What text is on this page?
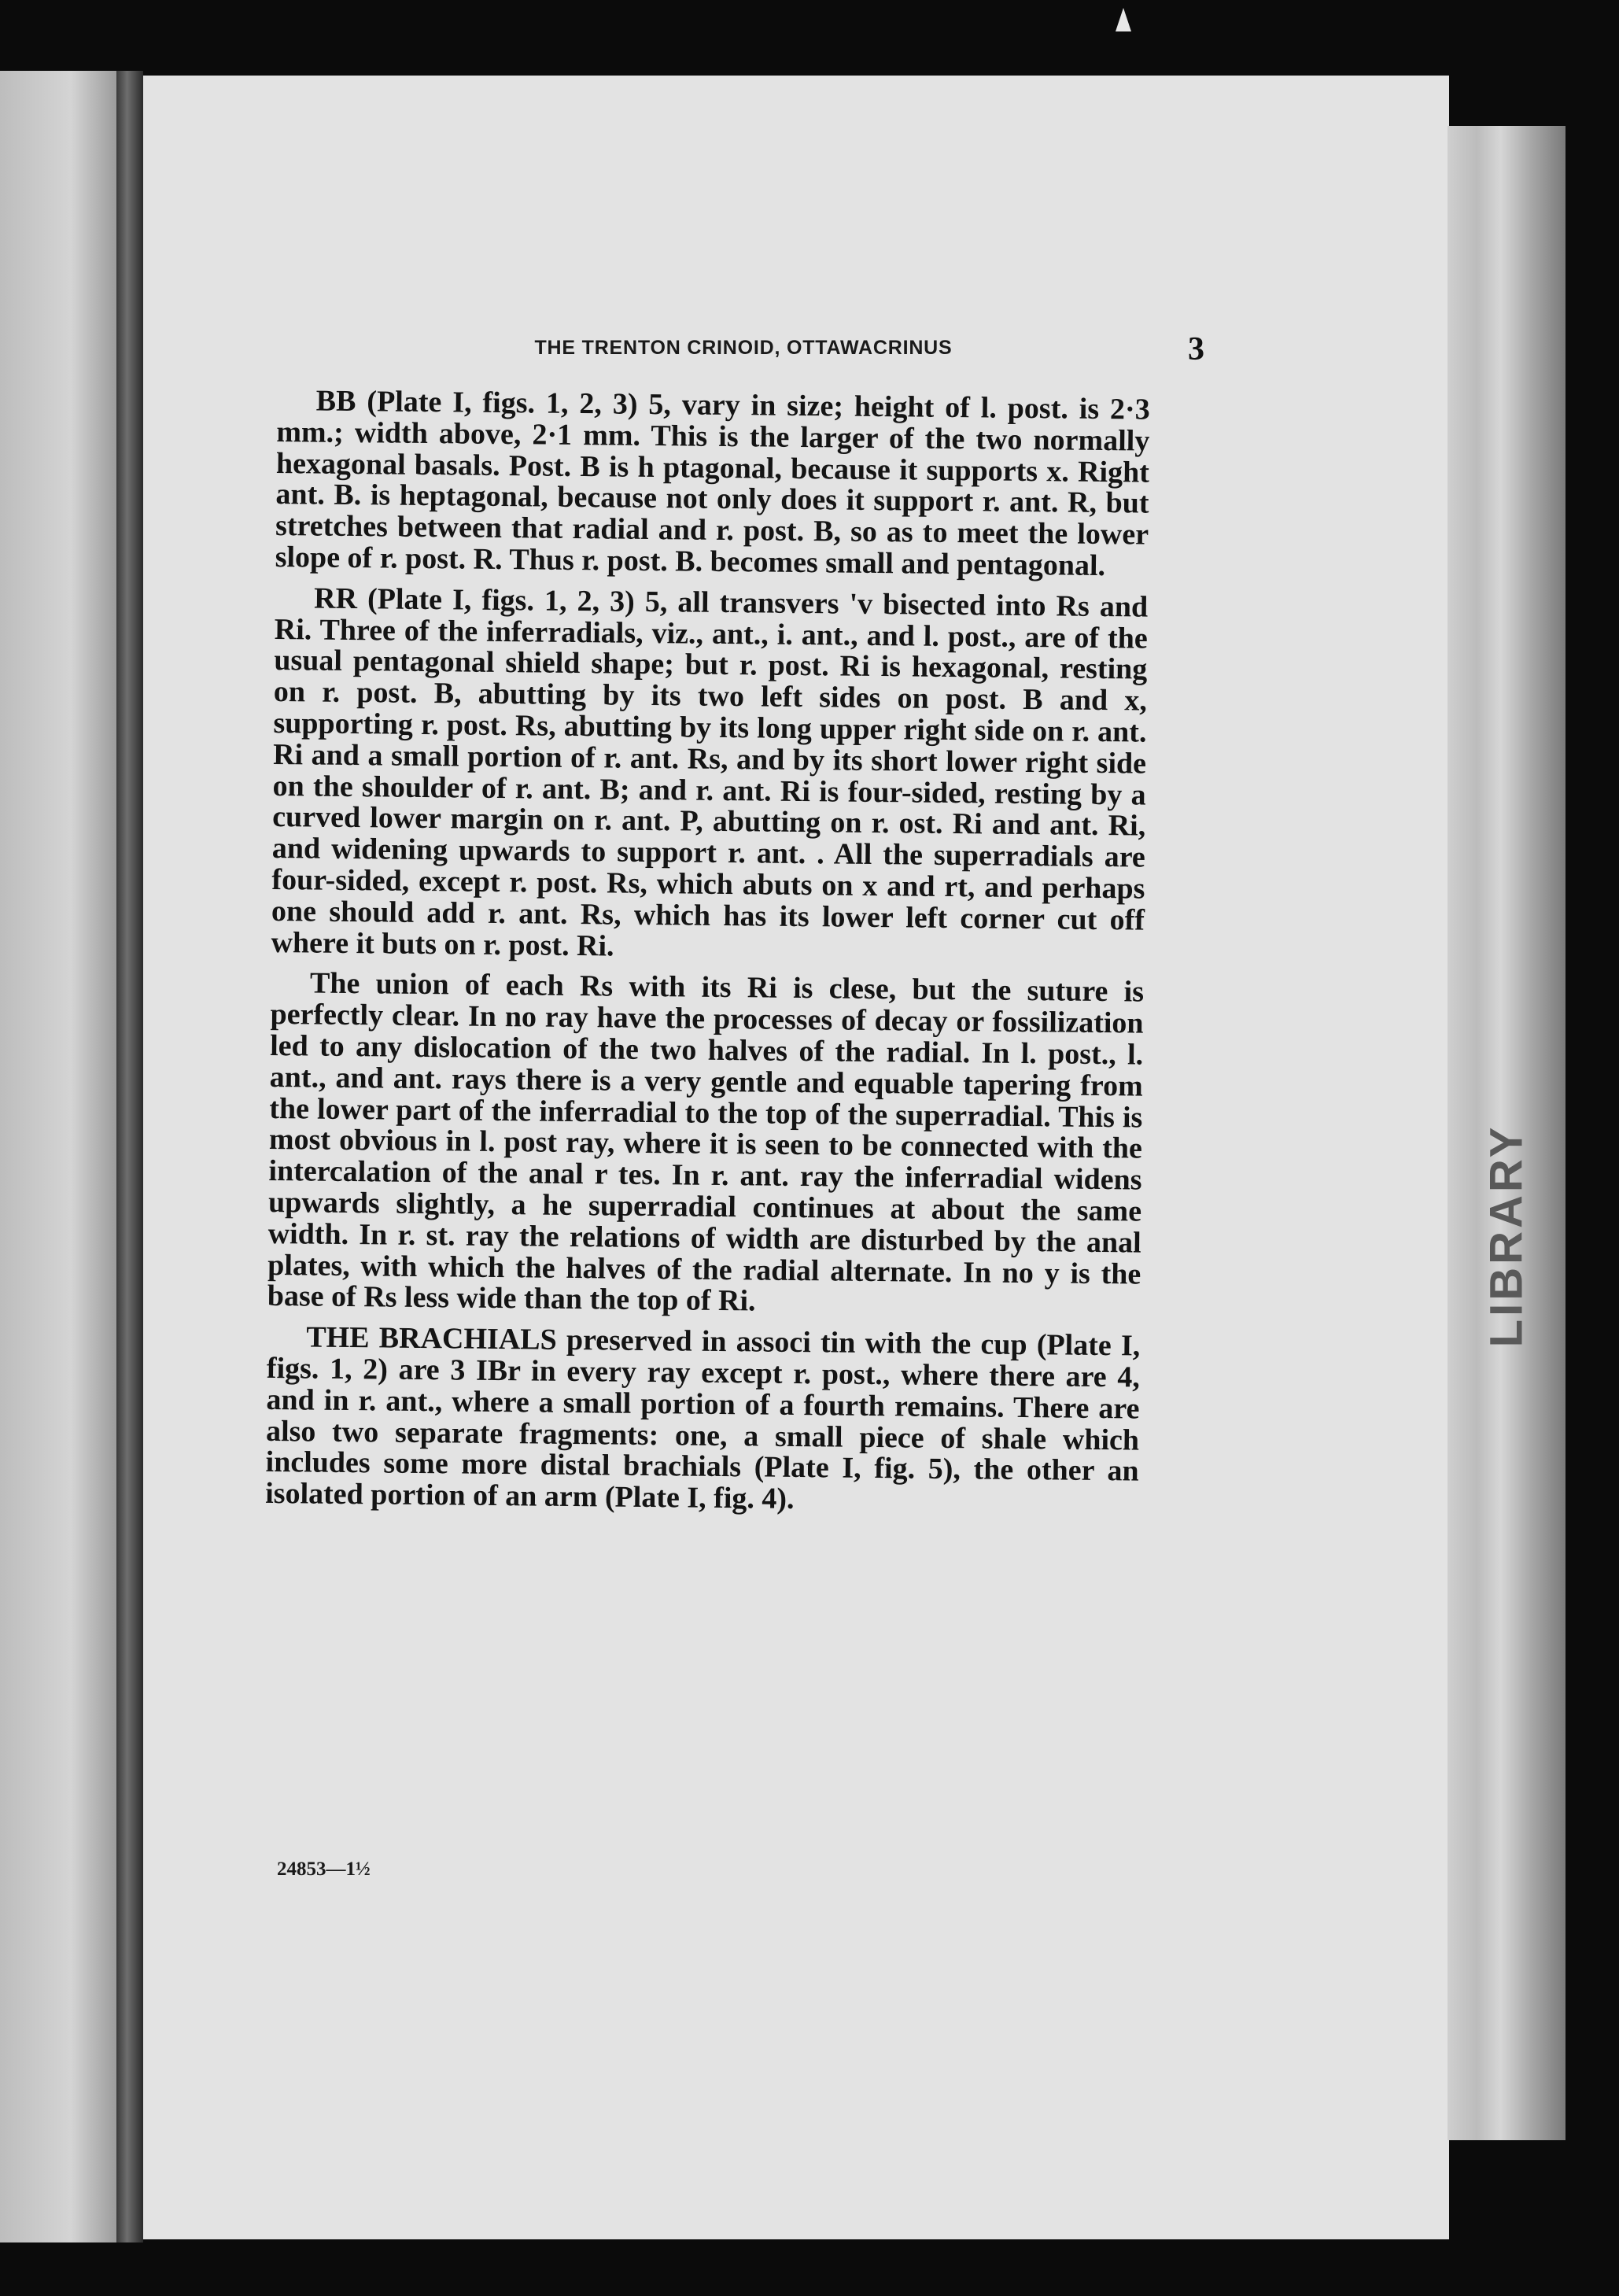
LIBRARY
THE TRENTON CRINOID, OTTAWACRINUS	3

BB (Plate I, figs. 1, 2, 3) 5, vary in size; height of l. post. is 2·3 mm.; width above, 2·1 mm. This is the larger of the two normally hexagonal basals. Post. B is h ptagonal, because it supports x. Right ant. B. is heptagonal, because not only does it support r. ant. R, but stretches between that radial and r. post. B, so as to meet the lower slope of r. post. R. Thus r. post. B. becomes small and pentagonal.

RR (Plate I, figs. 1, 2, 3) 5, all transvers 'v bisected into Rs and Ri. Three of the inferradials, viz., ant., i. ant., and l. post., are of the usual pentagonal shield shape; but r. post. Ri is hexagonal, resting on r. post. B, abutting by its two left sides on post. B and x, supporting r. post. Rs, abutting by its long upper right side on r. ant. Ri and a small portion of r. ant. Rs, and by its short lower right side on the shoulder of r. ant. B; and r. ant. Ri is four-sided, resting by a curved lower margin on r. ant. P, abutting on r. ost. Ri and ant. Ri, and widening upwards to support r. ant. . All the superradials are four-sided, except r. post. Rs, which abuts on x and rt, and perhaps one should add r. ant. Rs, which has its lower left corner cut off where it buts on r. post. Ri.

The union of each Rs with its Ri is clese, but the suture is perfectly clear. In no ray have the processes of decay or fossilization led to any dislocation of the two halves of the radial. In l. post., l. ant., and ant. rays there is a very gentle and equable tapering from the lower part of the inferradial to the top of the superradial. This is most obvious in l. post ray, where it is seen to be connected with the intercalation of the anal r tes. In r. ant. ray the inferradial widens upwards slightly, a he superradial continues at about the same width. In r. st. ray the relations of width are disturbed by the anal plates, with which the halves of the radial alternate. In no y is the base of Rs less wide than the top of Ri.

THE BRACHIALS preserved in associ tin with the cup (Plate I, figs. 1, 2) are 3 IBr in every ray except r. post., where there are 4, and in r. ant., where a small portion of a fourth remains. There are also two separate fragments: one, a small piece of shale which includes some more distal brachials (Plate I, fig. 5), the other an isolated portion of an arm (Plate I, fig. 4).

24853—1½
